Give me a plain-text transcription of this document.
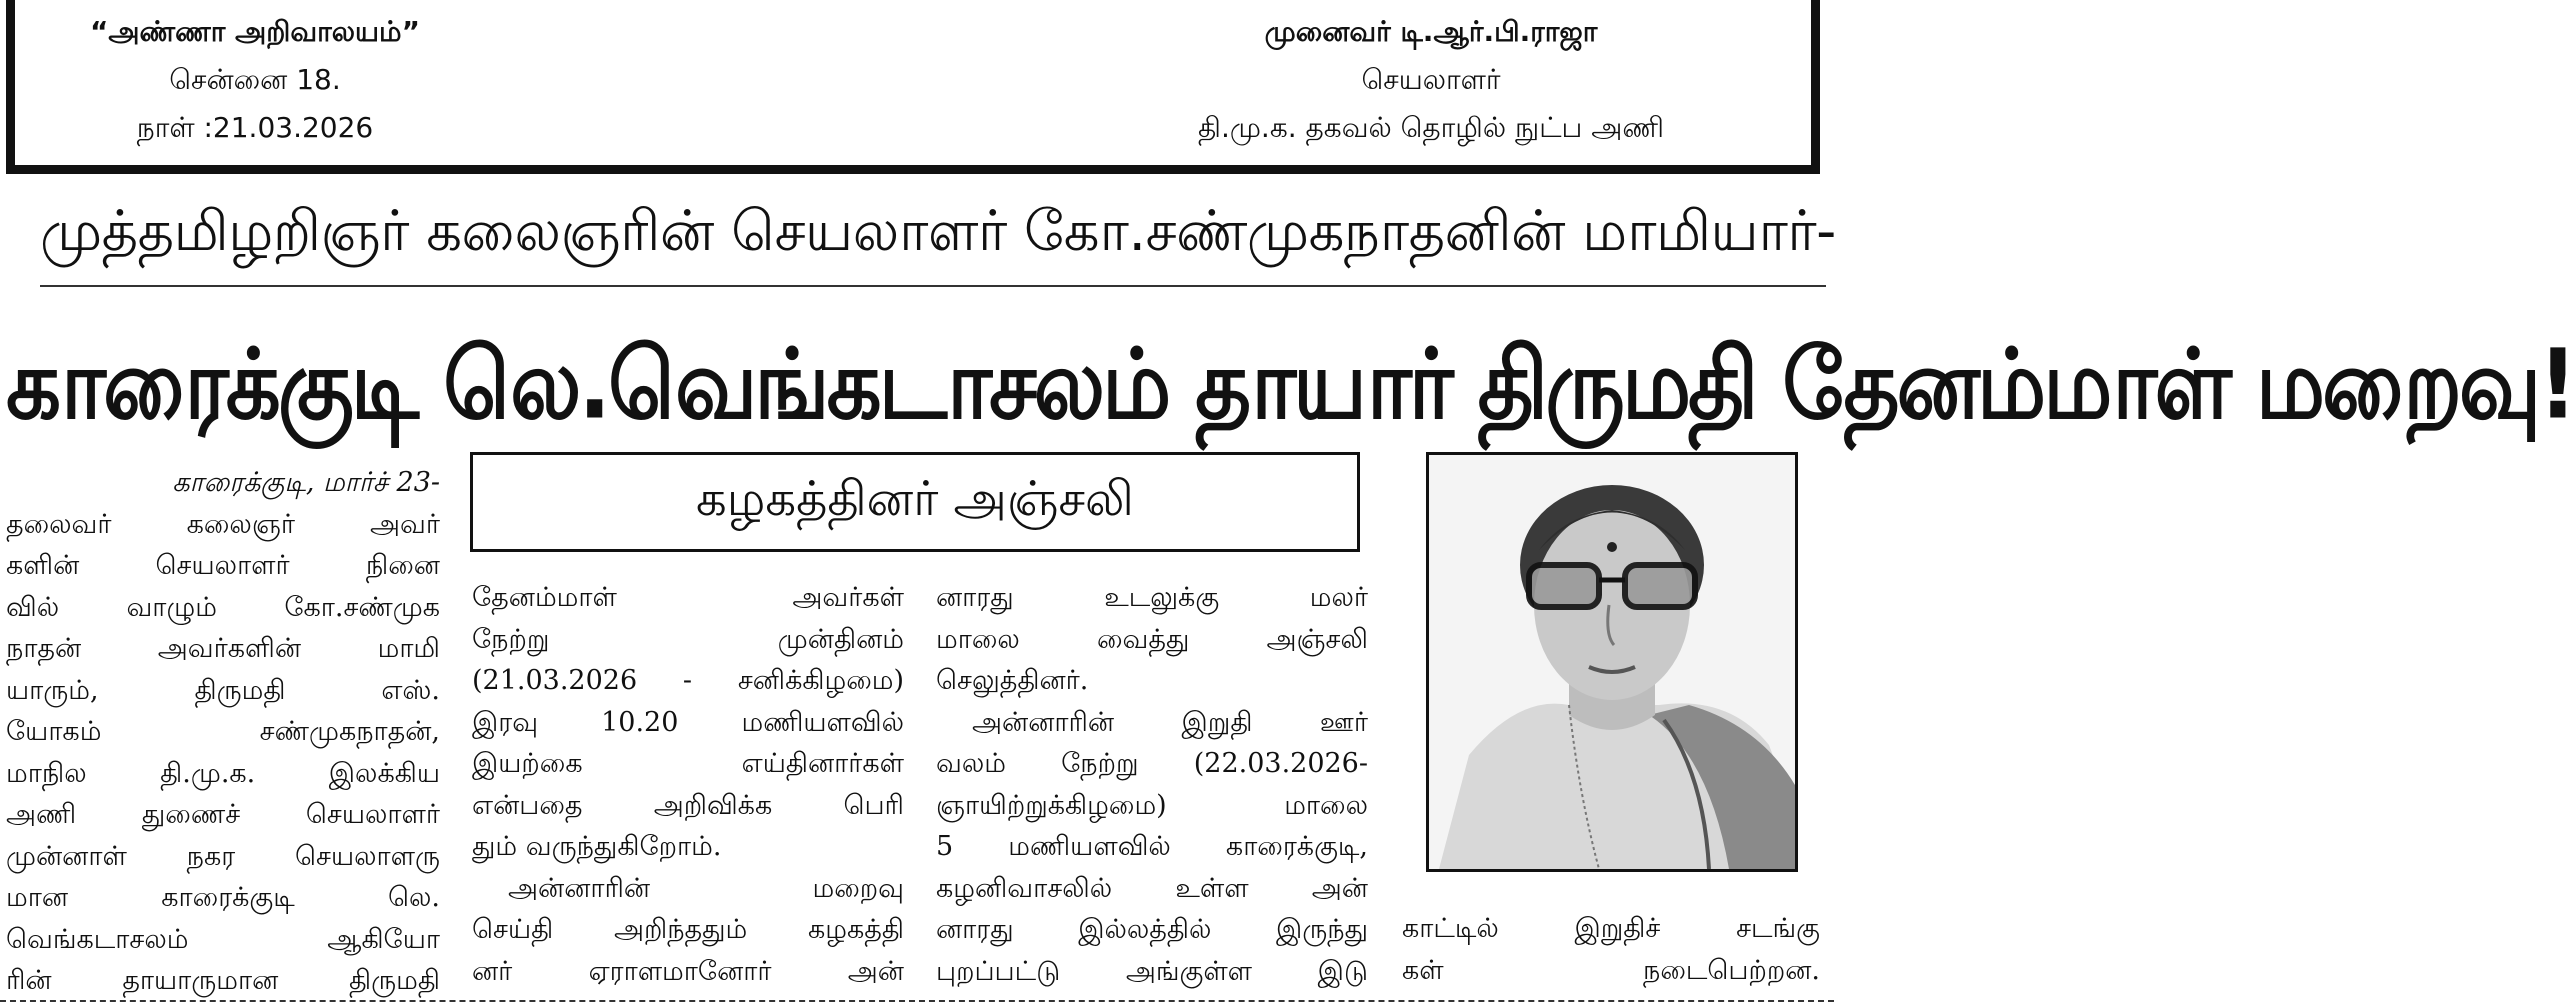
“அண்ணா அறிவாலயம்”
சென்னை 18.
நாள் :21.03.2026
முனைவர் டி.ஆர்.பி.ராஜா
செயலாளர்
தி.மு.க. தகவல் தொழில் நுட்ப அணி
முத்தமிழறிஞர் கலைஞரின் செயலாளர் கோ.சண்முகநாதனின் மாமியார்-
காரைக்குடி லெ.வெங்கடாசலம் தாயார் திருமதி தேனம்மாள் மறைவு!
காரைக்குடி, மார்ச் 23-
தலைவர் கலைஞர் அவர்
களின் செயலாளர் நினை
வில் வாழும் கோ.சண்முக
நாதன் அவர்களின் மாமி
யாரும், திருமதி எஸ்.
யோகம் சண்முகநாதன்,
மாநில தி.மு.க. இலக்கிய
அணி துணைச் செயலாளர்
முன்னாள் நகர செயலாளரு
மான காரைக்குடி லெ.
வெங்கடாசலம் ஆகியோ
ரின் தாயாருமான திருமதி
கழகத்தினர் அஞ்சலி
தேனம்மாள் அவர்கள்
நேற்று முன்தினம்
(21.03.2026 - சனிக்கிழமை)
இரவு 10.20 மணியளவில்
இயற்கை எய்தினார்கள்
என்பதை அறிவிக்க பெரி
தும் வருந்துகிறோம்.
அன்னாரின் மறைவு
செய்தி அறிந்ததும் கழகத்தி
னர் ஏராளமானோர் அன்
னாரது உடலுக்கு மலர்
மாலை வைத்து அஞ்சலி
செலுத்தினர்.
அன்னாரின் இறுதி ஊர்
வலம் நேற்று (22.03.2026-
ஞாயிற்றுக்கிழமை) மாலை
5 மணியளவில் காரைக்குடி,
கழனிவாசலில் உள்ள அன்
னாரது இல்லத்தில் இருந்து
புறப்பட்டு அங்குள்ள இடு
காட்டில் இறுதிச் சடங்கு
கள் நடைபெற்றன.
